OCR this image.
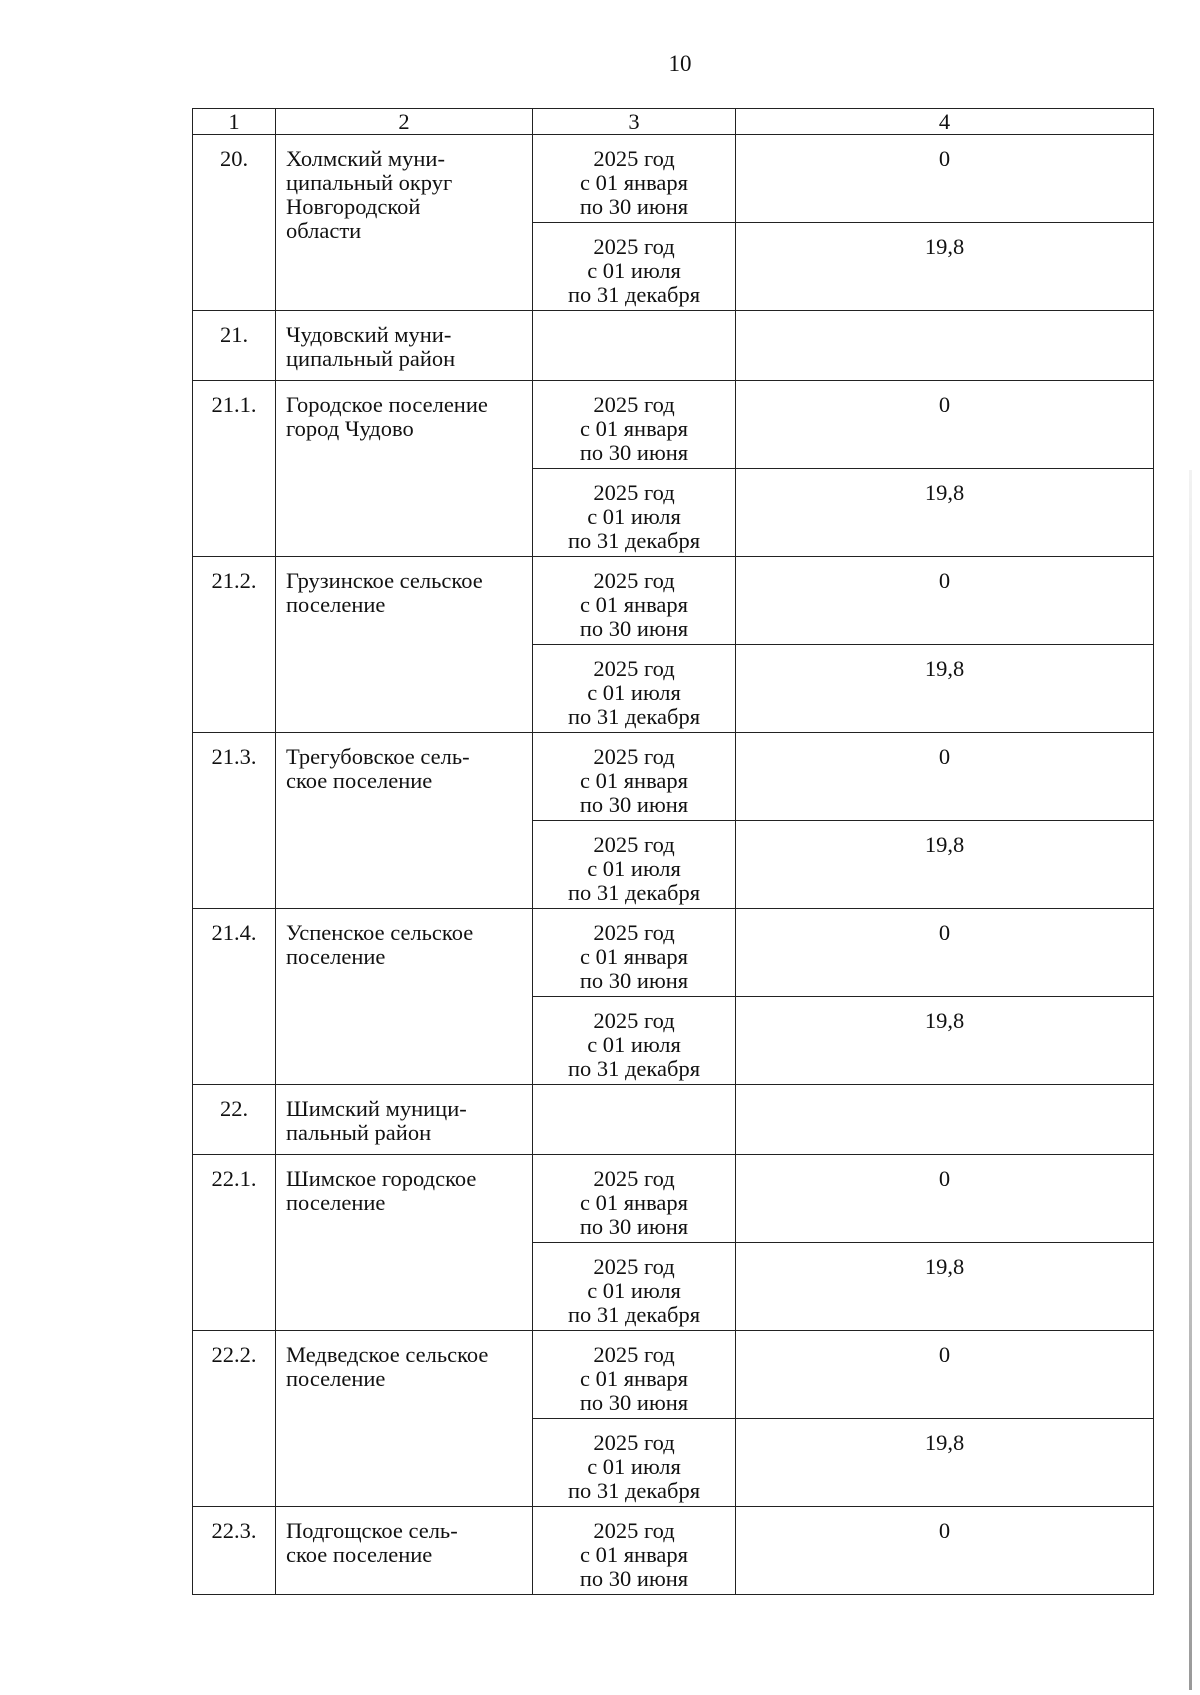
10
1	2	3	4
20.	Холмский муни-
ципальный округ
Новгородской
области	2025 год
с 01 января
по 30 июня	0

		2025 год
с 01 июля
по 31 декабря	19,8
21.	Чудовский муни-
ципальный район		

21.1.	Городское поселение
город Чудово	2025 год
с 01 января
по 30 июня	0

		2025 год
с 01 июля
по 31 декабря	19,8
21.2.	Грузинское сельское
поселение	2025 год
с 01 января
по 30 июня	0

		2025 год
с 01 июля
по 31 декабря	19,8
21.3.	Трегубовское сель-
ское поселение	2025 год
с 01 января
по 30 июня	0

		2025 год
с 01 июля
по 31 декабря	19,8
21.4.	Успенское сельское
поселение	2025 год
с 01 января
по 30 июня	0

		2025 год
с 01 июля
по 31 декабря	19,8
22.	Шимский муници-
пальный район		

22.1.	Шимское городское
поселение	2025 год
с 01 января
по 30 июня	0

		2025 год
с 01 июля
по 31 декабря	19,8
22.2.	Медведское сельское
поселение	2025 год
с 01 января
по 30 июня	0

		2025 год
с 01 июля
по 31 декабря	19,8
22.3.	Подгощское сель-
ское поселение	2025 год
с 01 января
по 30 июня	0
